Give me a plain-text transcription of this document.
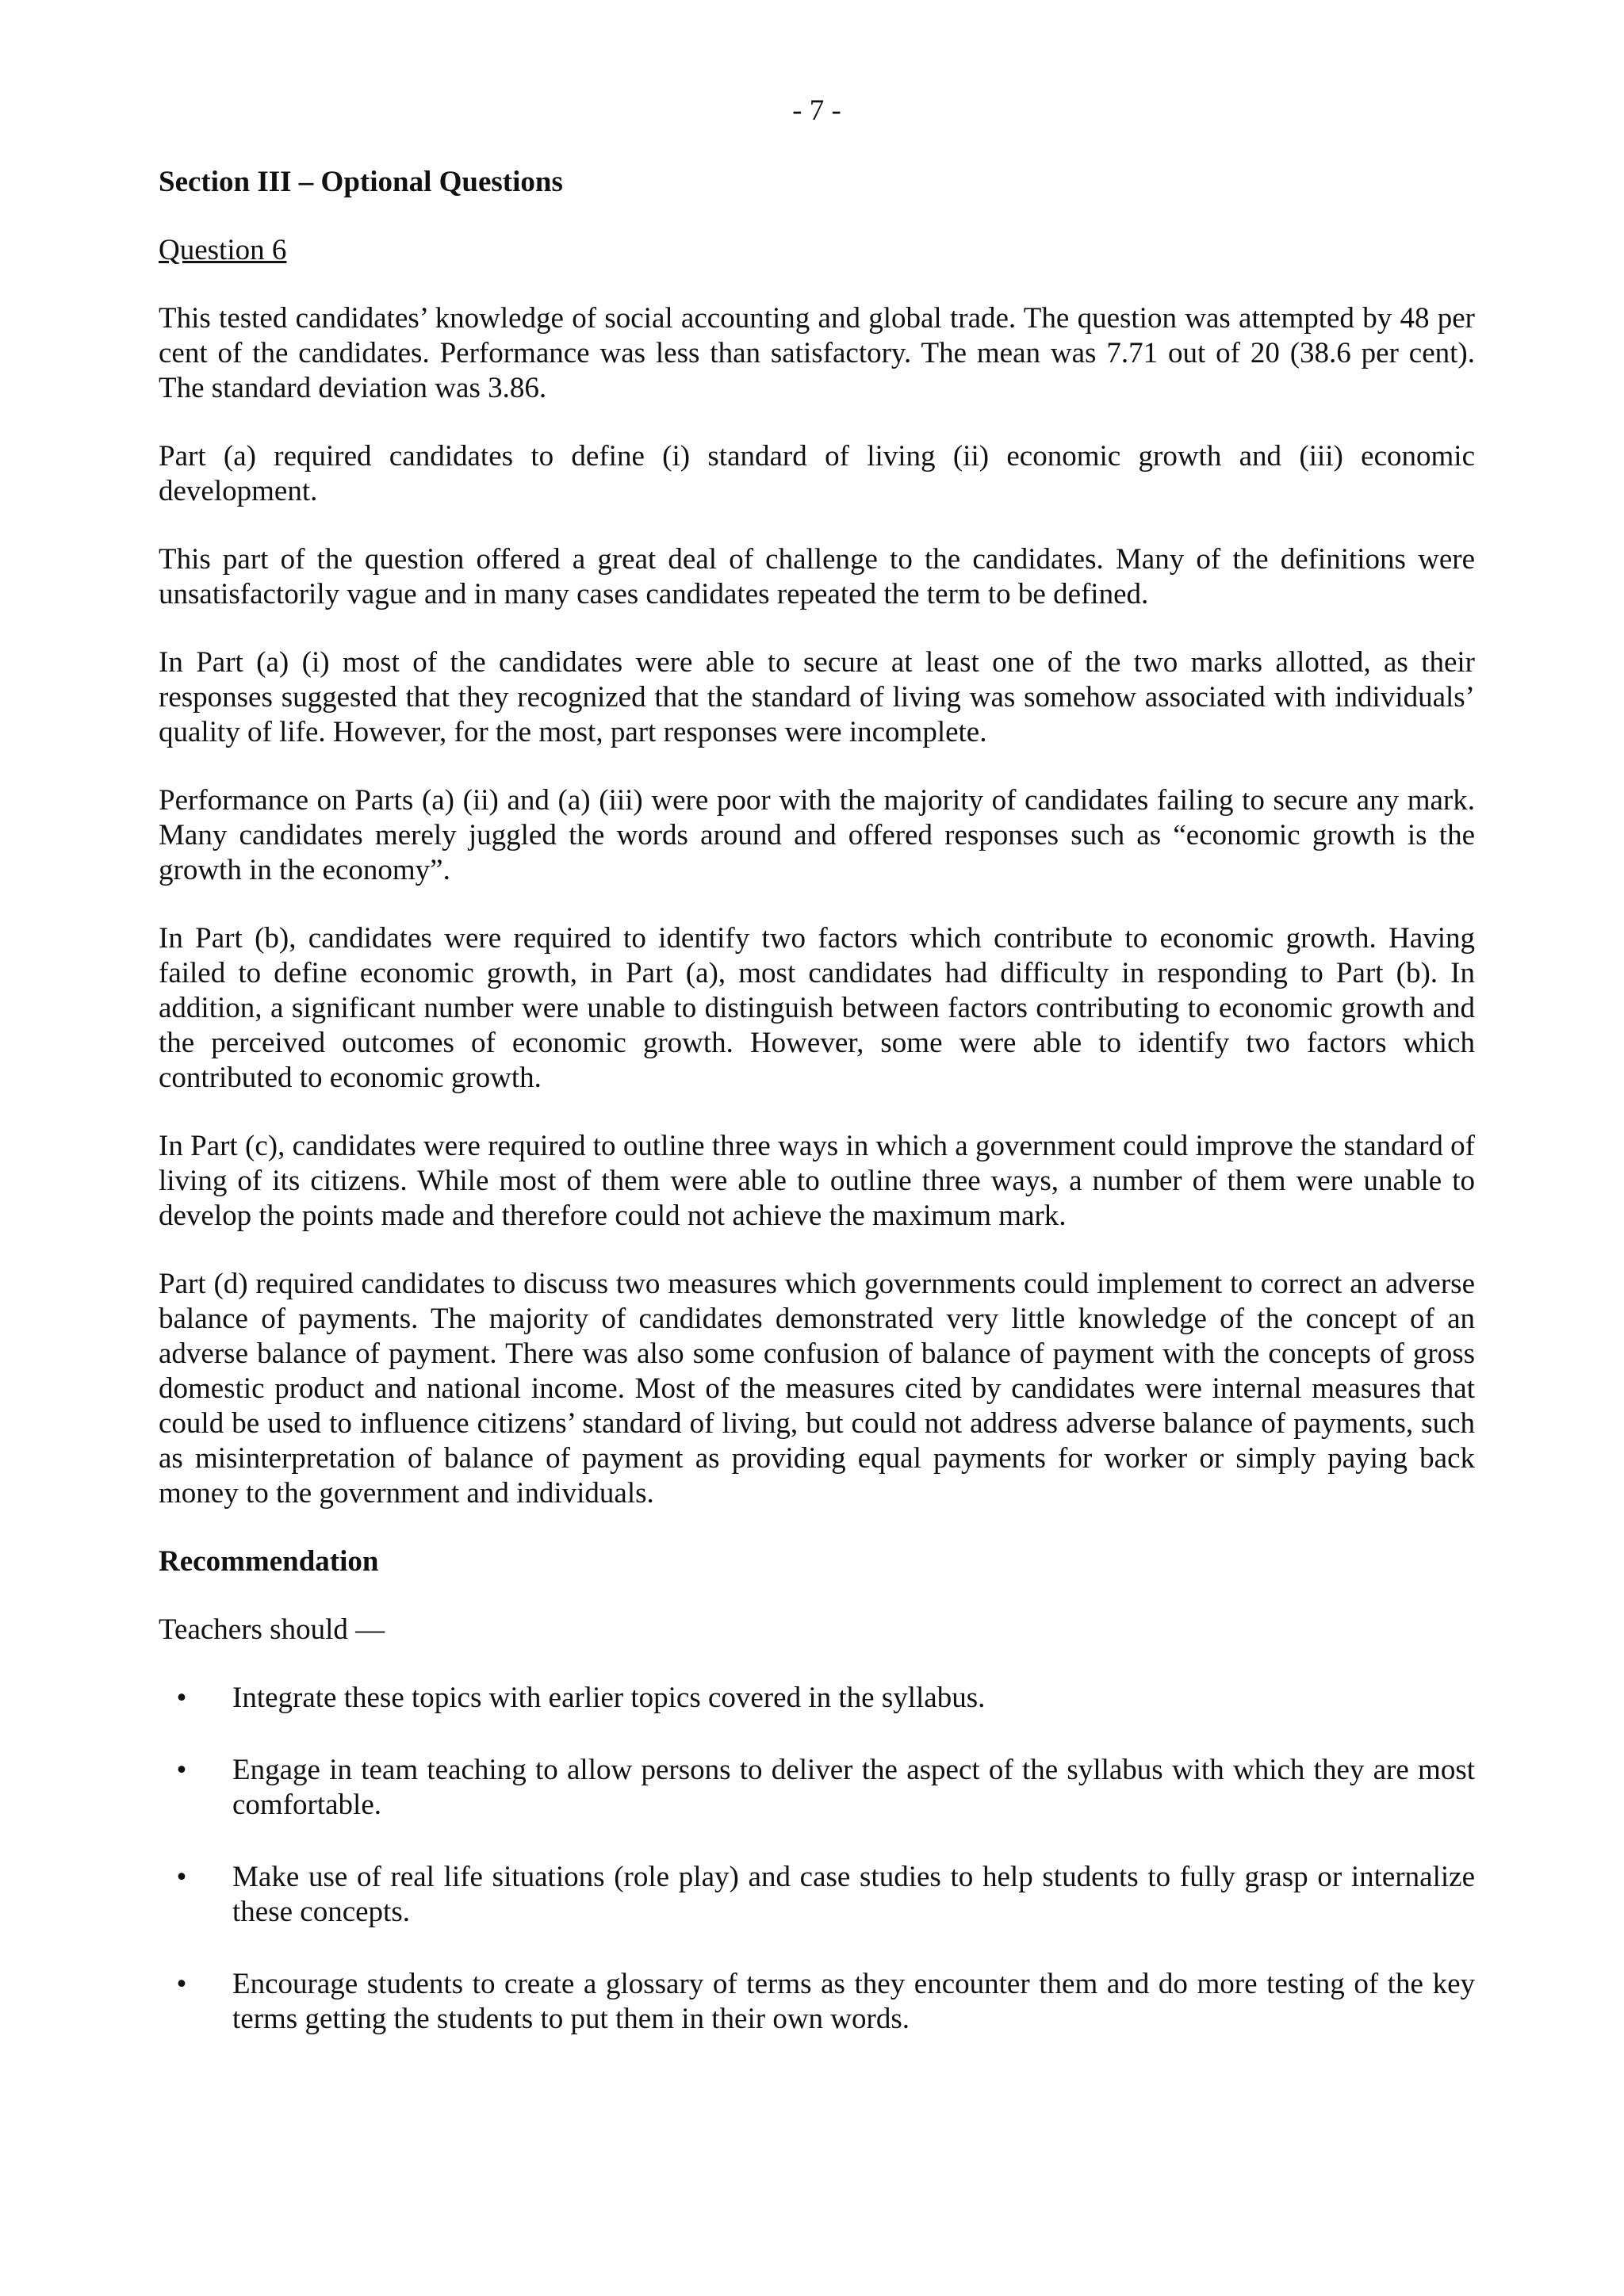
- 7 -

Section III – Optional Questions
Question 6

This tested candidates’ knowledge of social accounting and global trade. The question was attempted by 48 per cent of the candidates. Performance was less than satisfactory. The mean was 7.71 out of 20 (38.6 per cent). The standard deviation was 3.86.

Part (a) required candidates to define (i) standard of living (ii) economic growth and (iii) economic development.

This part of the question offered a great deal of challenge to the candidates. Many of the definitions were unsatisfactorily vague and in many cases candidates repeated the term to be defined.

In Part (a) (i) most of the candidates were able to secure at least one of the two marks allotted, as their responses suggested that they recognized that the standard of living was somehow associated with individuals’ quality of life. However, for the most, part responses were incomplete.

Performance on Parts (a) (ii) and (a) (iii) were poor with the majority of candidates failing to secure any mark. Many candidates merely juggled the words around and offered responses such as “economic growth is the growth in the economy”.

In Part (b), candidates were required to identify two factors which contribute to economic growth. Having failed to define economic growth, in Part (a), most candidates had difficulty in responding to Part (b). In addition, a significant number were unable to distinguish between factors contributing to economic growth and the perceived outcomes of economic growth. However, some were able to identify two factors which contributed to economic growth.

In Part (c), candidates were required to outline three ways in which a government could improve the standard of living of its citizens. While most of them were able to outline three ways, a number of them were unable to develop the points made and therefore could not achieve the maximum mark.

Part (d) required candidates to discuss two measures which governments could implement to correct an adverse balance of payments. The majority of candidates demonstrated very little knowledge of the concept of an adverse balance of payment. There was also some confusion of balance of payment with the concepts of gross domestic product and national income. Most of the measures cited by candidates were internal measures that could be used to influence citizens’ standard of living, but could not address adverse balance of payments, such as misinterpretation of balance of payment as providing equal payments for worker or simply paying back money to the government and individuals.

Recommendation
Teachers should —
• Integrate these topics with earlier topics covered in the syllabus.
• Engage in team teaching to allow persons to deliver the aspect of the syllabus with which they are most comfortable.
• Make use of real life situations (role play) and case studies to help students to fully grasp or internalize these concepts.
• Encourage students to create a glossary of terms as they encounter them and do more testing of the key terms getting the students to put them in their own words.
